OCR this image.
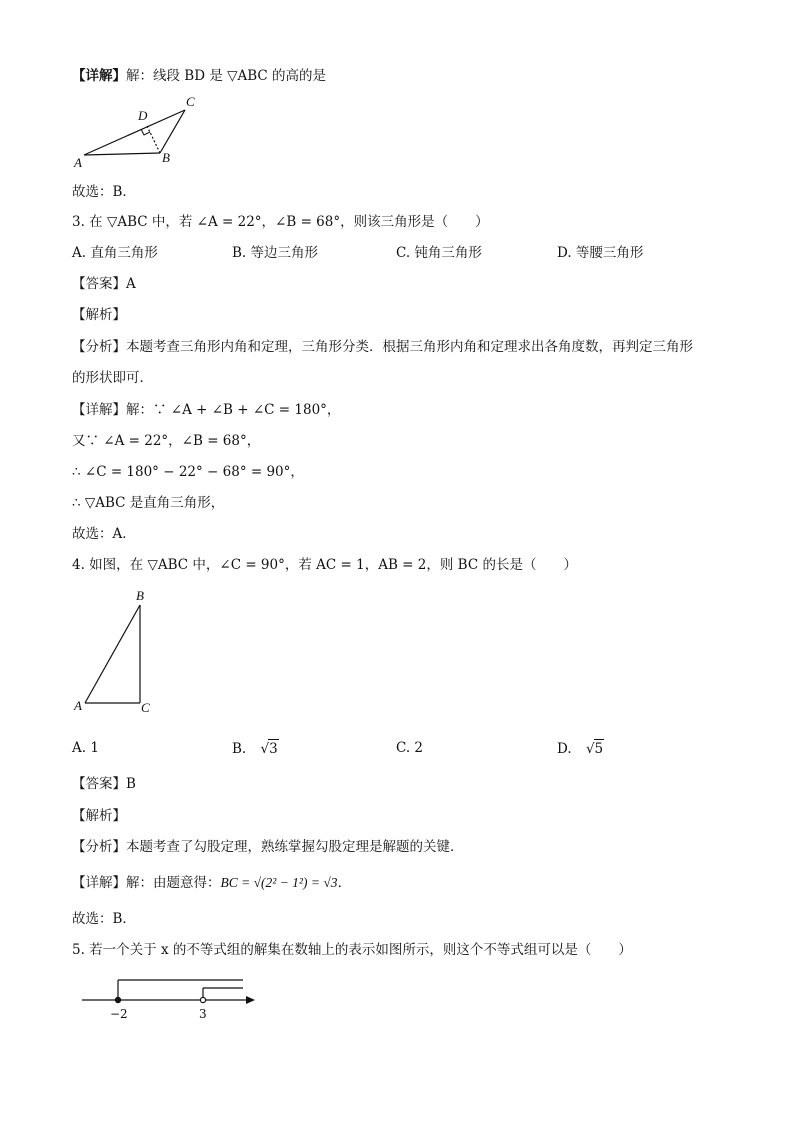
【详解】解：线段 BD 是 ▽ABC 的高的是
A	B
C
D
故选：B．
3. 在 ▽ABC 中，若 ∠A = 22°，∠B = 68°，则该三角形是（　　）
A. 直角三角形	B. 等边三角形	C. 钝角三角形	D. 等腰三角形
【答案】A
【解析】
【分析】本题考查三角形内角和定理，三角形分类．根据三角形内角和定理求出各角度数，再判定三角形
的形状即可．
【详解】解：∵ ∠A + ∠B + ∠C = 180°，
又∵ ∠A = 22°，∠B = 68°，
∴ ∠C = 180° − 22° − 68° = 90°，
∴ ▽ABC 是直角三角形，
故选：A．
4. 如图，在 ▽ABC 中，∠C = 90°，若 AC = 1，AB = 2，则 BC 的长是（　　）
B
A	C
A. 1	B. √3	C. 2	D. √5
【答案】B
【解析】
【分析】本题考查了勾股定理，熟练掌握勾股定理是解题的关键．
【详解】解：由题意得：BC = √(2² − 1²) = √3．
故选：B．
5. 若一个关于 x 的不等式组的解集在数轴上的表示如图所示，则这个不等式组可以是（　　）
−2	3
